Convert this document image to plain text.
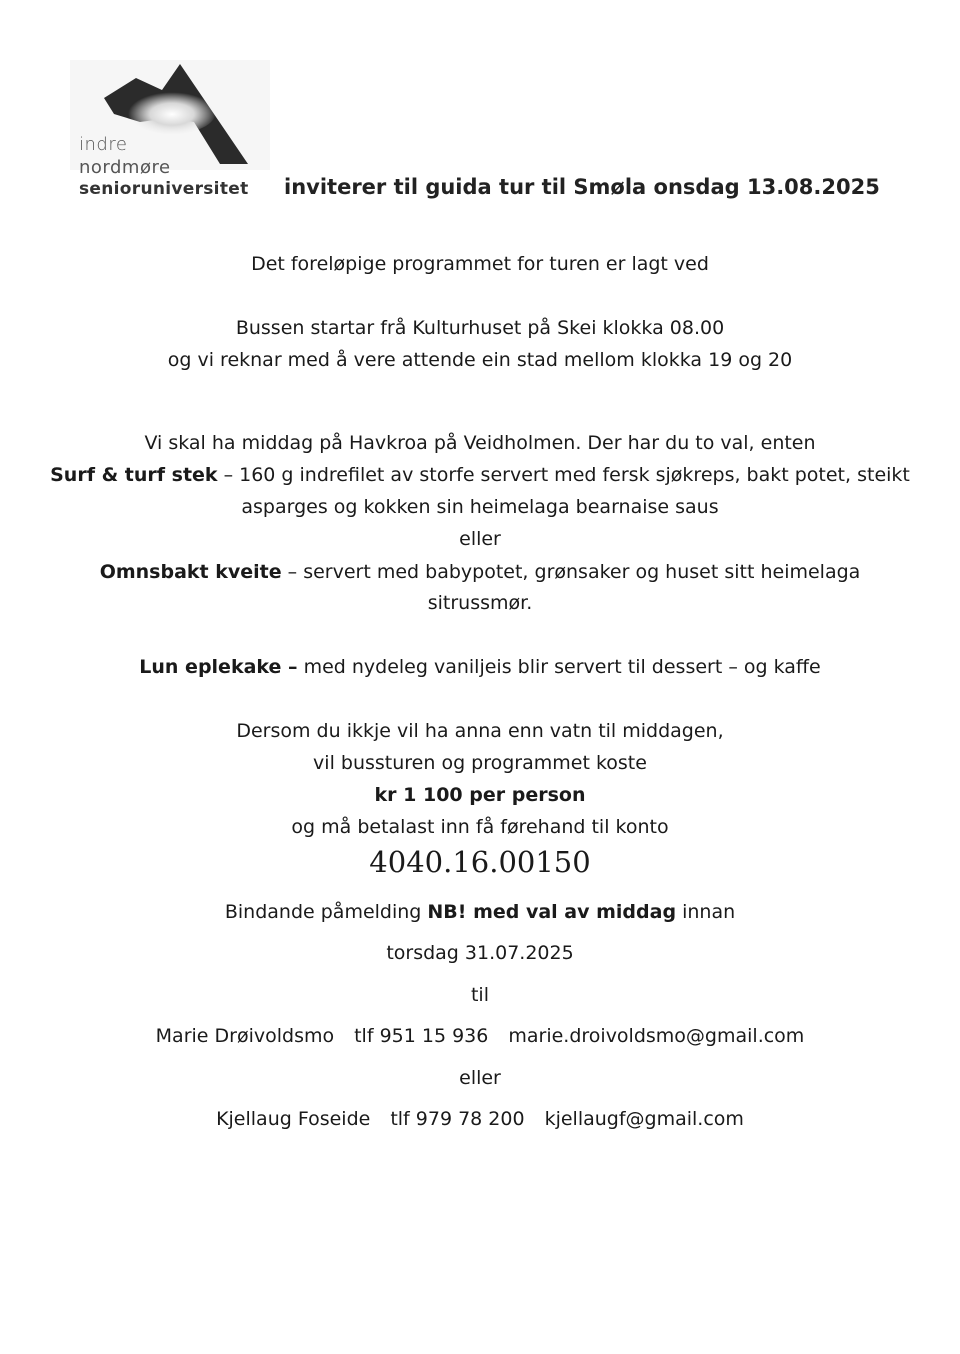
indre
nordmøre
senioruniversitet inviterer til guida tur til Smøla onsdag 13.08.2025
Det foreløpige programmet for turen er lagt ved
Bussen startar frå Kulturhuset på Skei klokka 08.00
og vi reknar med å vere attende ein stad mellom klokka 19 og 20
Vi skal ha middag på Havkroa på Veidholmen. Der har du to val, enten
Surf & turf stek – 160 g indrefilet av storfe servert med fersk sjøkreps, bakt potet, steikt
asparges og kokken sin heimelaga bearnaise saus
eller
Omnsbakt kveite – servert med babypotet, grønsaker og huset sitt heimelaga
sitrussmør.
Lun eplekake – med nydeleg vaniljeis blir servert til dessert – og kaffe
Dersom du ikkje vil ha anna enn vatn til middagen,
vil bussturen og programmet koste
kr 1 100 per person
og må betalast inn få førehand til konto
4040.16.00150
Bindande påmelding NB! med val av middag innan
torsdag 31.07.2025
til
Marie Drøivoldsmo tlf 951 15 936 marie.droivoldsmo@gmail.com
eller
Kjellaug Foseide tlf 979 78 200 kjellaugf@gmail.com
